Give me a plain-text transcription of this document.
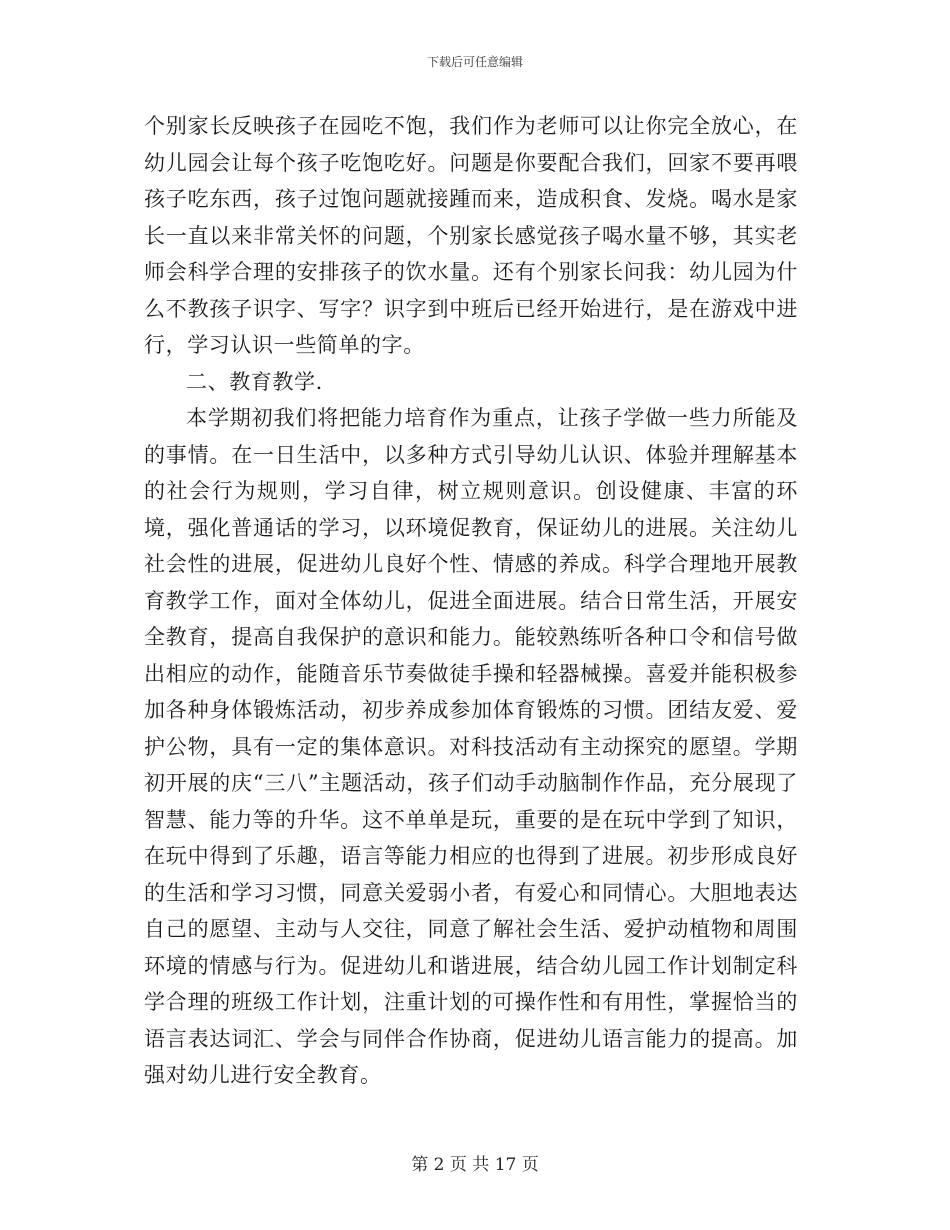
下载后可任意编辑

个别家长反映孩子在园吃不饱，我们作为老师可以让你完全放心，在幼儿园会让每个孩子吃饱吃好。问题是你要配合我们，回家不要再喂孩子吃东西，孩子过饱问题就接踵而来，造成积食、发烧。喝水是家长一直以来非常关怀的问题，个别家长感觉孩子喝水量不够，其实老师会科学合理的安排孩子的饮水量。还有个别家长问我：幼儿园为什么不教孩子识字、写字？识字到中班后已经开始进行，是在游戏中进行，学习认识一些简单的字。

二、教育教学.

本学期初我们将把能力培育作为重点，让孩子学做一些力所能及的事情。在一日生活中，以多种方式引导幼儿认识、体验并理解基本的社会行为规则，学习自律，树立规则意识。创设健康、丰富的环境，强化普通话的学习，以环境促教育，保证幼儿的进展。关注幼儿社会性的进展，促进幼儿良好个性、情感的养成。科学合理地开展教育教学工作，面对全体幼儿，促进全面进展。结合日常生活，开展安全教育，提高自我保护的意识和能力。能较熟练听各种口令和信号做出相应的动作，能随音乐节奏做徒手操和轻器械操。喜爱并能积极参加各种身体锻炼活动，初步养成参加体育锻炼的习惯。团结友爱、爱护公物，具有一定的集体意识。对科技活动有主动探究的愿望。学期初开展的庆“三八”主题活动，孩子们动手动脑制作作品，充分展现了智慧、能力等的升华。这不单单是玩，重要的是在玩中学到了知识，在玩中得到了乐趣，语言等能力相应的也得到了进展。初步形成良好的生活和学习习惯，同意关爱弱小者，有爱心和同情心。大胆地表达自己的愿望、主动与人交往，同意了解社会生活、爱护动植物和周围环境的情感与行为。促进幼儿和谐进展，结合幼儿园工作计划制定科学合理的班级工作计划，注重计划的可操作性和有用性，掌握恰当的语言表达词汇、学会与同伴合作协商，促进幼儿语言能力的提高。加强对幼儿进行安全教育。

第 2 页 共 17 页
